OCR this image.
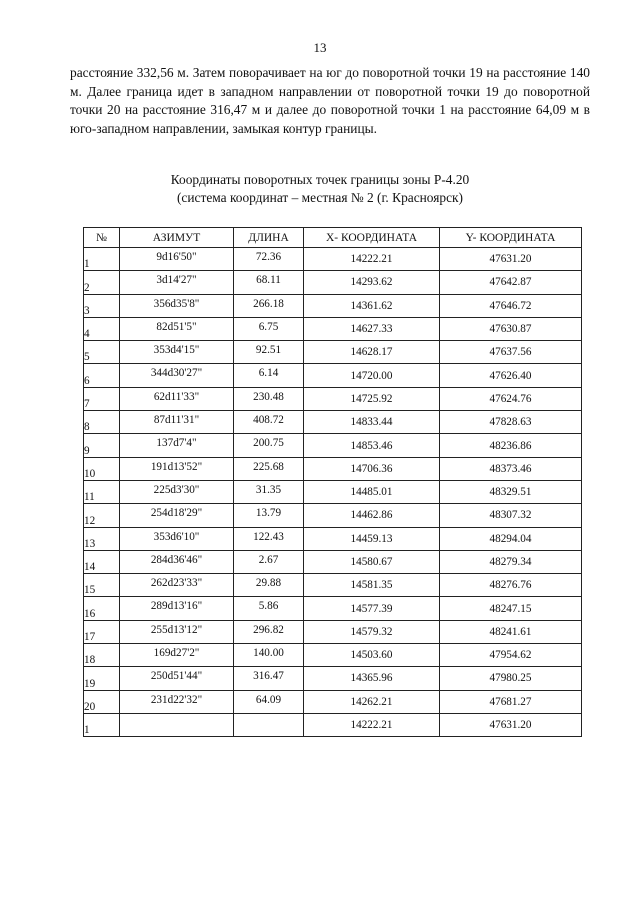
13
расстояние 332,56 м. Затем поворачивает на юг до поворотной точки 19 на расстояние 140 м. Далее граница идет в западном направлении от поворотной точки 19 до поворотной точки 20 на расстояние 316,47 м и далее до поворотной точки 1 на расстояние 64,09 м в юго-западном направлении, замыкая контур границы.
Координаты поворотных точек границы зоны Р-4.20
(система координат – местная № 2 (г. Красноярск)
№	АЗИМУТ	ДЛИНА	Х- КООРДИНАТА	Y- КООРДИНАТА
1	9d16'50"	72.36	14222.21	47631.20
2	3d14'27"	68.11	14293.62	47642.87
3	356d35'8"	266.18	14361.62	47646.72
4	82d51'5"	6.75	14627.33	47630.87
5	353d4'15"	92.51	14628.17	47637.56
6	344d30'27"	6.14	14720.00	47626.40
7	62d11'33"	230.48	14725.92	47624.76
8	87d11'31"	408.72	14833.44	47828.63
9	137d7'4"	200.75	14853.46	48236.86
10	191d13'52"	225.68	14706.36	48373.46
11	225d3'30"	31.35	14485.01	48329.51
12	254d18'29"	13.79	14462.86	48307.32
13	353d6'10"	122.43	14459.13	48294.04
14	284d36'46"	2.67	14580.67	48279.34
15	262d23'33"	29.88	14581.35	48276.76
16	289d13'16"	5.86	14577.39	48247.15
17	255d13'12"	296.82	14579.32	48241.61
18	169d27'2"	140.00	14503.60	47954.62
19	250d51'44"	316.47	14365.96	47980.25
20	231d22'32"	64.09	14262.21	47681.27
1			14222.21	47631.20
